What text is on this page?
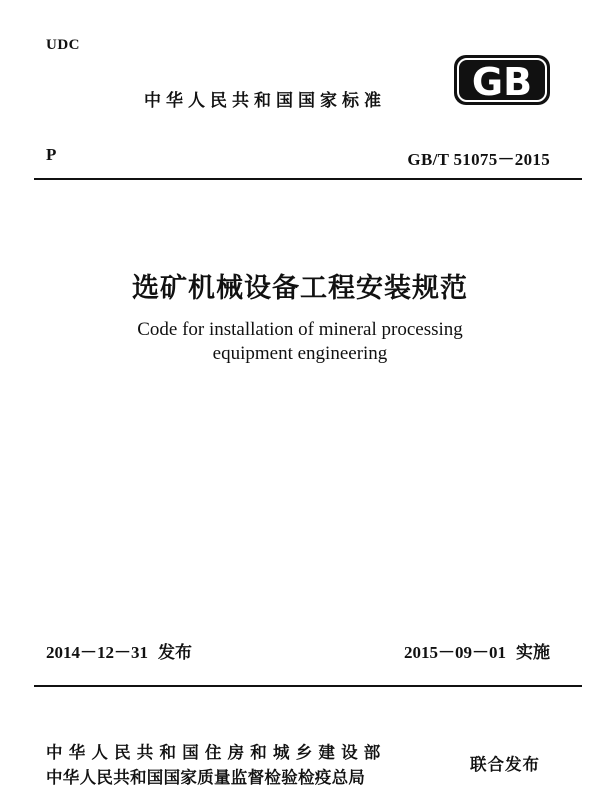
UDC
中华人民共和国国家标准 GB
P	GB/T 51075－2015
选矿机械设备工程安装规范
Code for installation of mineral processing
equipment engineering
2014－12－31 发布	2015－09－01 实施
中华人民共和国住房和城乡建设部
中华人民共和国国家质量监督检验检疫总局
联合发布
